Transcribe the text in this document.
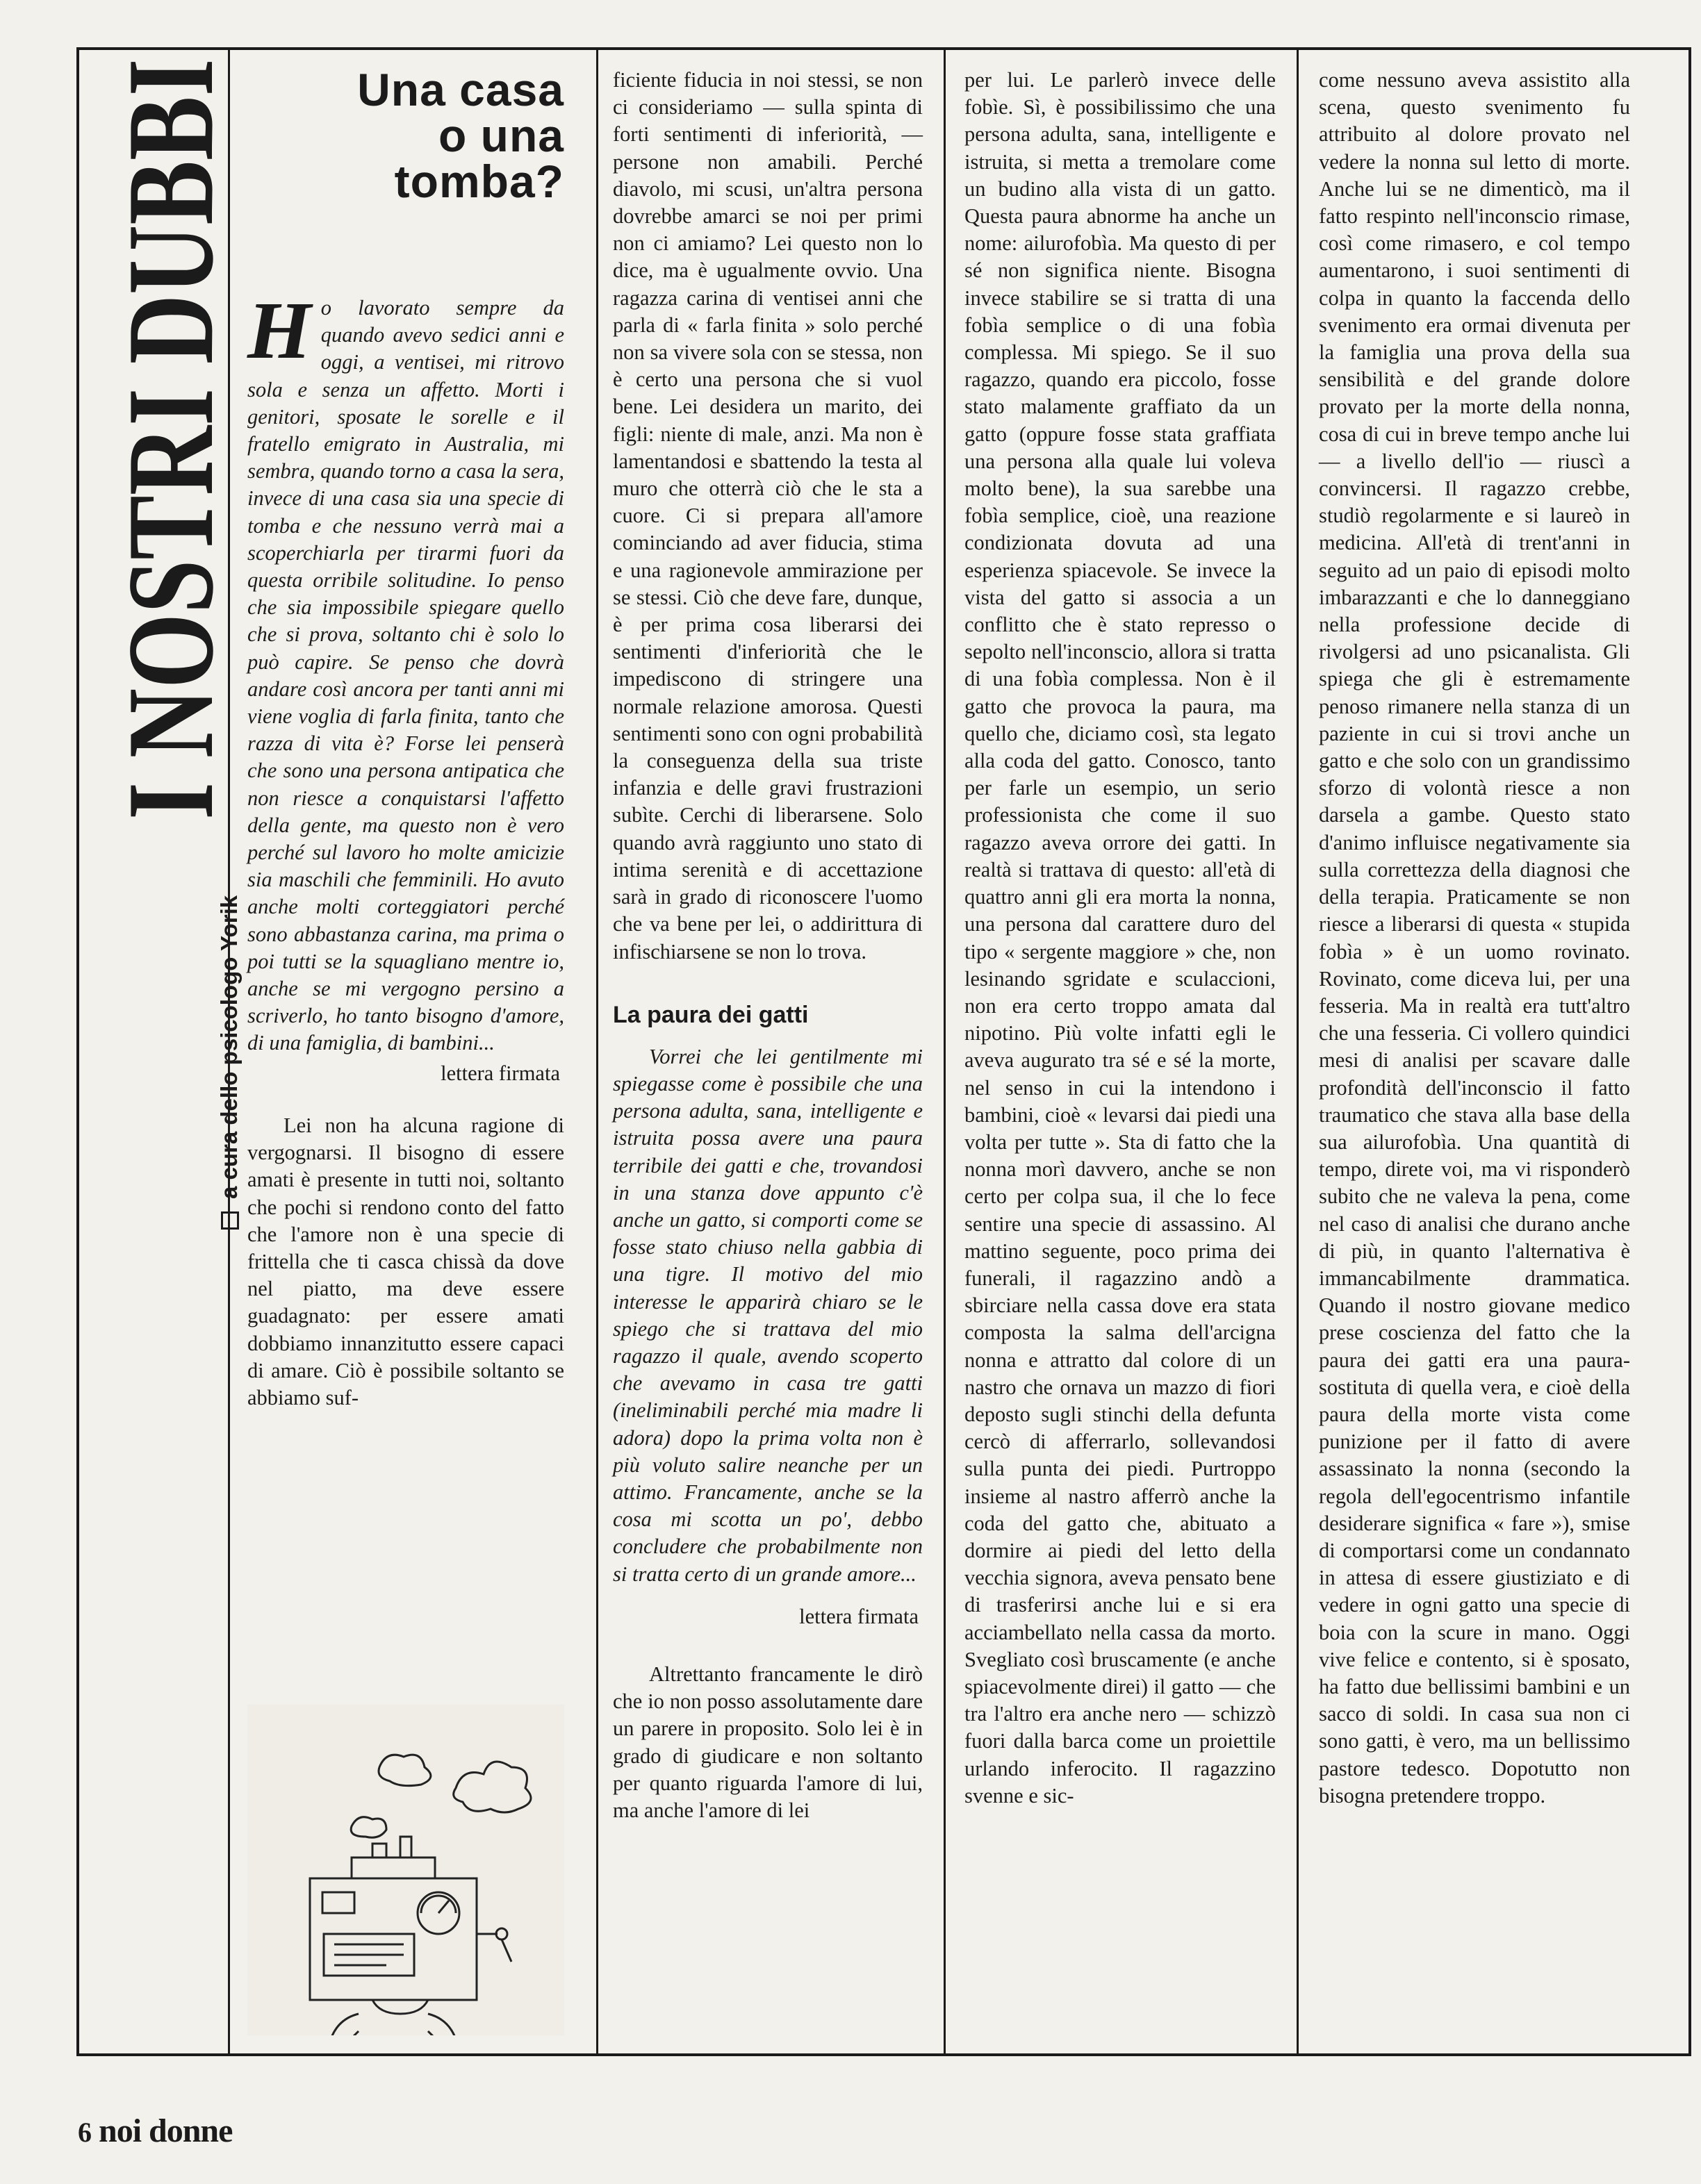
a cura dello psicologo Yorik
I NOSTRI DUBBI	Una casa
o una
tomba?

Ho lavorato sempre da quando avevo sedici anni e oggi, a ventisei, mi ritrovo sola e senza un affetto. Morti i genitori, sposate le sorelle e il fratello emigrato in Australia, mi sembra, quando torno a casa la sera, invece di una casa sia una specie di tomba e che nessuno verrà mai a scoperchiarla per tirarmi fuori da questa orribile solitudine. Io penso che sia impossibile spiegare quello che si prova, soltanto chi è solo lo può capire. Se penso che dovrà andare così ancora per tanti anni mi viene voglia di farla finita, tanto che razza di vita è? Forse lei penserà che sono una persona antipatica che non riesce a conquistarsi l'affetto della gente, ma questo non è vero perché sul lavoro ho molte amicizie sia maschili che femminili. Ho avuto anche molti corteggiatori perché sono abbastanza carina, ma prima o poi tutti se la squagliano mentre io, anche se mi vergogno persino a scriverlo, ho tanto bisogno d'amore, di una famiglia, di bambini...

lettera firmata

Lei non ha alcuna ragione di vergognarsi. Il bisogno di essere amati è presente in tutti noi, soltanto che pochi si rendono conto del fatto che l'amore non è una specie di frittella che ti casca chissà da dove nel piatto, ma deve essere guadagnato: per essere amati dobbiamo innanzitutto essere capaci di amare. Ciò è possibile soltanto se abbiamo suf-

ficiente fiducia in noi stessi, se non ci consideriamo — sulla spinta di forti sentimenti di inferiorità, — persone non amabili. Perché diavolo, mi scusi, un'altra persona dovrebbe amarci se noi per primi non ci amiamo? Lei questo non lo dice, ma è ugualmente ovvio. Una ragazza carina di ventisei anni che parla di « farla finita » solo perché non sa vivere sola con se stessa, non è certo una persona che si vuol bene. Lei desidera un marito, dei figli: niente di male, anzi. Ma non è lamentandosi e sbattendo la testa al muro che otterrà ciò che le sta a cuore. Ci si prepara all'amore cominciando ad aver fiducia, stima e una ragionevole ammirazione per se stessi. Ciò che deve fare, dunque, è per prima cosa liberarsi dei sentimenti d'inferiorità che le impediscono di stringere una normale relazione amorosa. Questi sentimenti sono con ogni probabilità la conseguenza della sua triste infanzia e delle gravi frustrazioni subìte. Cerchi di liberarsene. Solo quando avrà raggiunto uno stato di intima serenità e di accettazione sarà in grado di riconoscere l'uomo che va bene per lei, o addirittura di infischiarsene se non lo trova.

La paura dei gatti

Vorrei che lei gentilmente mi spiegasse come è possibile che una persona adulta, sana, intelligente e istruita possa avere una paura terribile dei gatti e che, trovandosi in una stanza dove appunto c'è anche un gatto, si comporti come se fosse stato chiuso nella gabbia di una tigre. Il motivo del mio interesse le apparirà chiaro se le spiego che si trattava del mio ragazzo il quale, avendo scoperto che avevamo in casa tre gatti (ineliminabili perché mia madre li adora) dopo la prima volta non è più voluto salire neanche per un attimo. Francamente, anche se la cosa mi scotta un po', debbo concludere che probabilmente non si tratta certo di un grande amore...

lettera firmata

Altrettanto francamente le dirò che io non posso assolutamente dare un parere in proposito. Solo lei è in grado di giudicare e non soltanto per quanto riguarda l'amore di lui, ma anche l'amore di lei

per lui. Le parlerò invece delle fobìe. Sì, è possibilissimo che una persona adulta, sana, intelligente e istruita, si metta a tremolare come un budino alla vista di un gatto. Questa paura abnorme ha anche un nome: ailurofobìa. Ma questo di per sé non significa niente. Bisogna invece stabilire se si tratta di una fobìa semplice o di una fobìa complessa. Mi spiego. Se il suo ragazzo, quando era piccolo, fosse stato malamente graffiato da un gatto (oppure fosse stata graffiata una persona alla quale lui voleva molto bene), la sua sarebbe una fobìa semplice, cioè, una reazione condizionata dovuta ad una esperienza spiacevole. Se invece la vista del gatto si associa a un conflitto che è stato represso o sepolto nell'inconscio, allora si tratta di una fobìa complessa. Non è il gatto che provoca la paura, ma quello che, diciamo così, sta legato alla coda del gatto. Conosco, tanto per farle un esempio, un serio professionista che come il suo ragazzo aveva orrore dei gatti. In realtà si trattava di questo: all'età di quattro anni gli era morta la nonna, una persona dal carattere duro del tipo « sergente maggiore » che, non lesinando sgridate e sculaccioni, non era certo troppo amata dal nipotino. Più volte infatti egli le aveva augurato tra sé e sé la morte, nel senso in cui la intendono i bambini, cioè « levarsi dai piedi una volta per tutte ». Sta di fatto che la nonna morì davvero, anche se non certo per colpa sua, il che lo fece sentire una specie di assassino. Al mattino seguente, poco prima dei funerali, il ragazzino andò a sbirciare nella cassa dove era stata composta la salma dell'arcigna nonna e attratto dal colore di un nastro che ornava un mazzo di fiori deposto sugli stinchi della defunta cercò di afferrarlo, sollevandosi sulla punta dei piedi. Purtroppo insieme al nastro afferrò anche la coda del gatto che, abituato a dormire ai piedi del letto della vecchia signora, aveva pensato bene di trasferirsi anche lui e si era acciambellato nella cassa da morto. Svegliato così bruscamente (e anche spiacevolmente direi) il gatto — che tra l'altro era anche nero — schizzò fuori dalla barca come un proiettile urlando inferocito. Il ragazzino svenne e sic-

come nessuno aveva assistito alla scena, questo svenimento fu attribuito al dolore provato nel vedere la nonna sul letto di morte. Anche lui se ne dimenticò, ma il fatto respinto nell'inconscio rimase, così come rimasero, e col tempo aumentarono, i suoi sentimenti di colpa in quanto la faccenda dello svenimento era ormai divenuta per la famiglia una prova della sua sensibilità e del grande dolore provato per la morte della nonna, cosa di cui in breve tempo anche lui — a livello dell'io — riuscì a convincersi. Il ragazzo crebbe, studiò regolarmente e si laureò in medicina. All'età di trent'anni in seguito ad un paio di episodi molto imbarazzanti e che lo danneggiano nella professione decide di rivolgersi ad uno psicanalista. Gli spiega che gli è estremamente penoso rimanere nella stanza di un paziente in cui si trovi anche un gatto e che solo con un grandissimo sforzo di volontà riesce a non darsela a gambe. Questo stato d'animo influisce negativamente sia sulla correttezza della diagnosi che della terapia. Praticamente se non riesce a liberarsi di questa « stupida fobìa » è un uomo rovinato. Rovinato, come diceva lui, per una fesseria. Ma in realtà era tutt'altro che una fesseria. Ci vollero quindici mesi di analisi per scavare dalle profondità dell'inconscio il fatto traumatico che stava alla base della sua ailurofobìa. Una quantità di tempo, direte voi, ma vi risponderò subito che ne valeva la pena, come nel caso di analisi che durano anche di più, in quanto l'alternativa è immancabilmente drammatica. Quando il nostro giovane medico prese coscienza del fatto che la paura dei gatti era una paura-sostituta di quella vera, e cioè della paura della morte vista come punizione per il fatto di avere assassinato la nonna (secondo la regola dell'egocentrismo infantile desiderare significa « fare »), smise di comportarsi come un condannato in attesa di essere giustiziato e di vedere in ogni gatto una specie di boia con la scure in mano. Oggi vive felice e contento, si è sposato, ha fatto due bellissimi bambini e un sacco di soldi. In casa sua non ci sono gatti, è vero, ma un bellissimo pastore tedesco. Dopotutto non bisogna pretendere troppo.

6 noi donne
